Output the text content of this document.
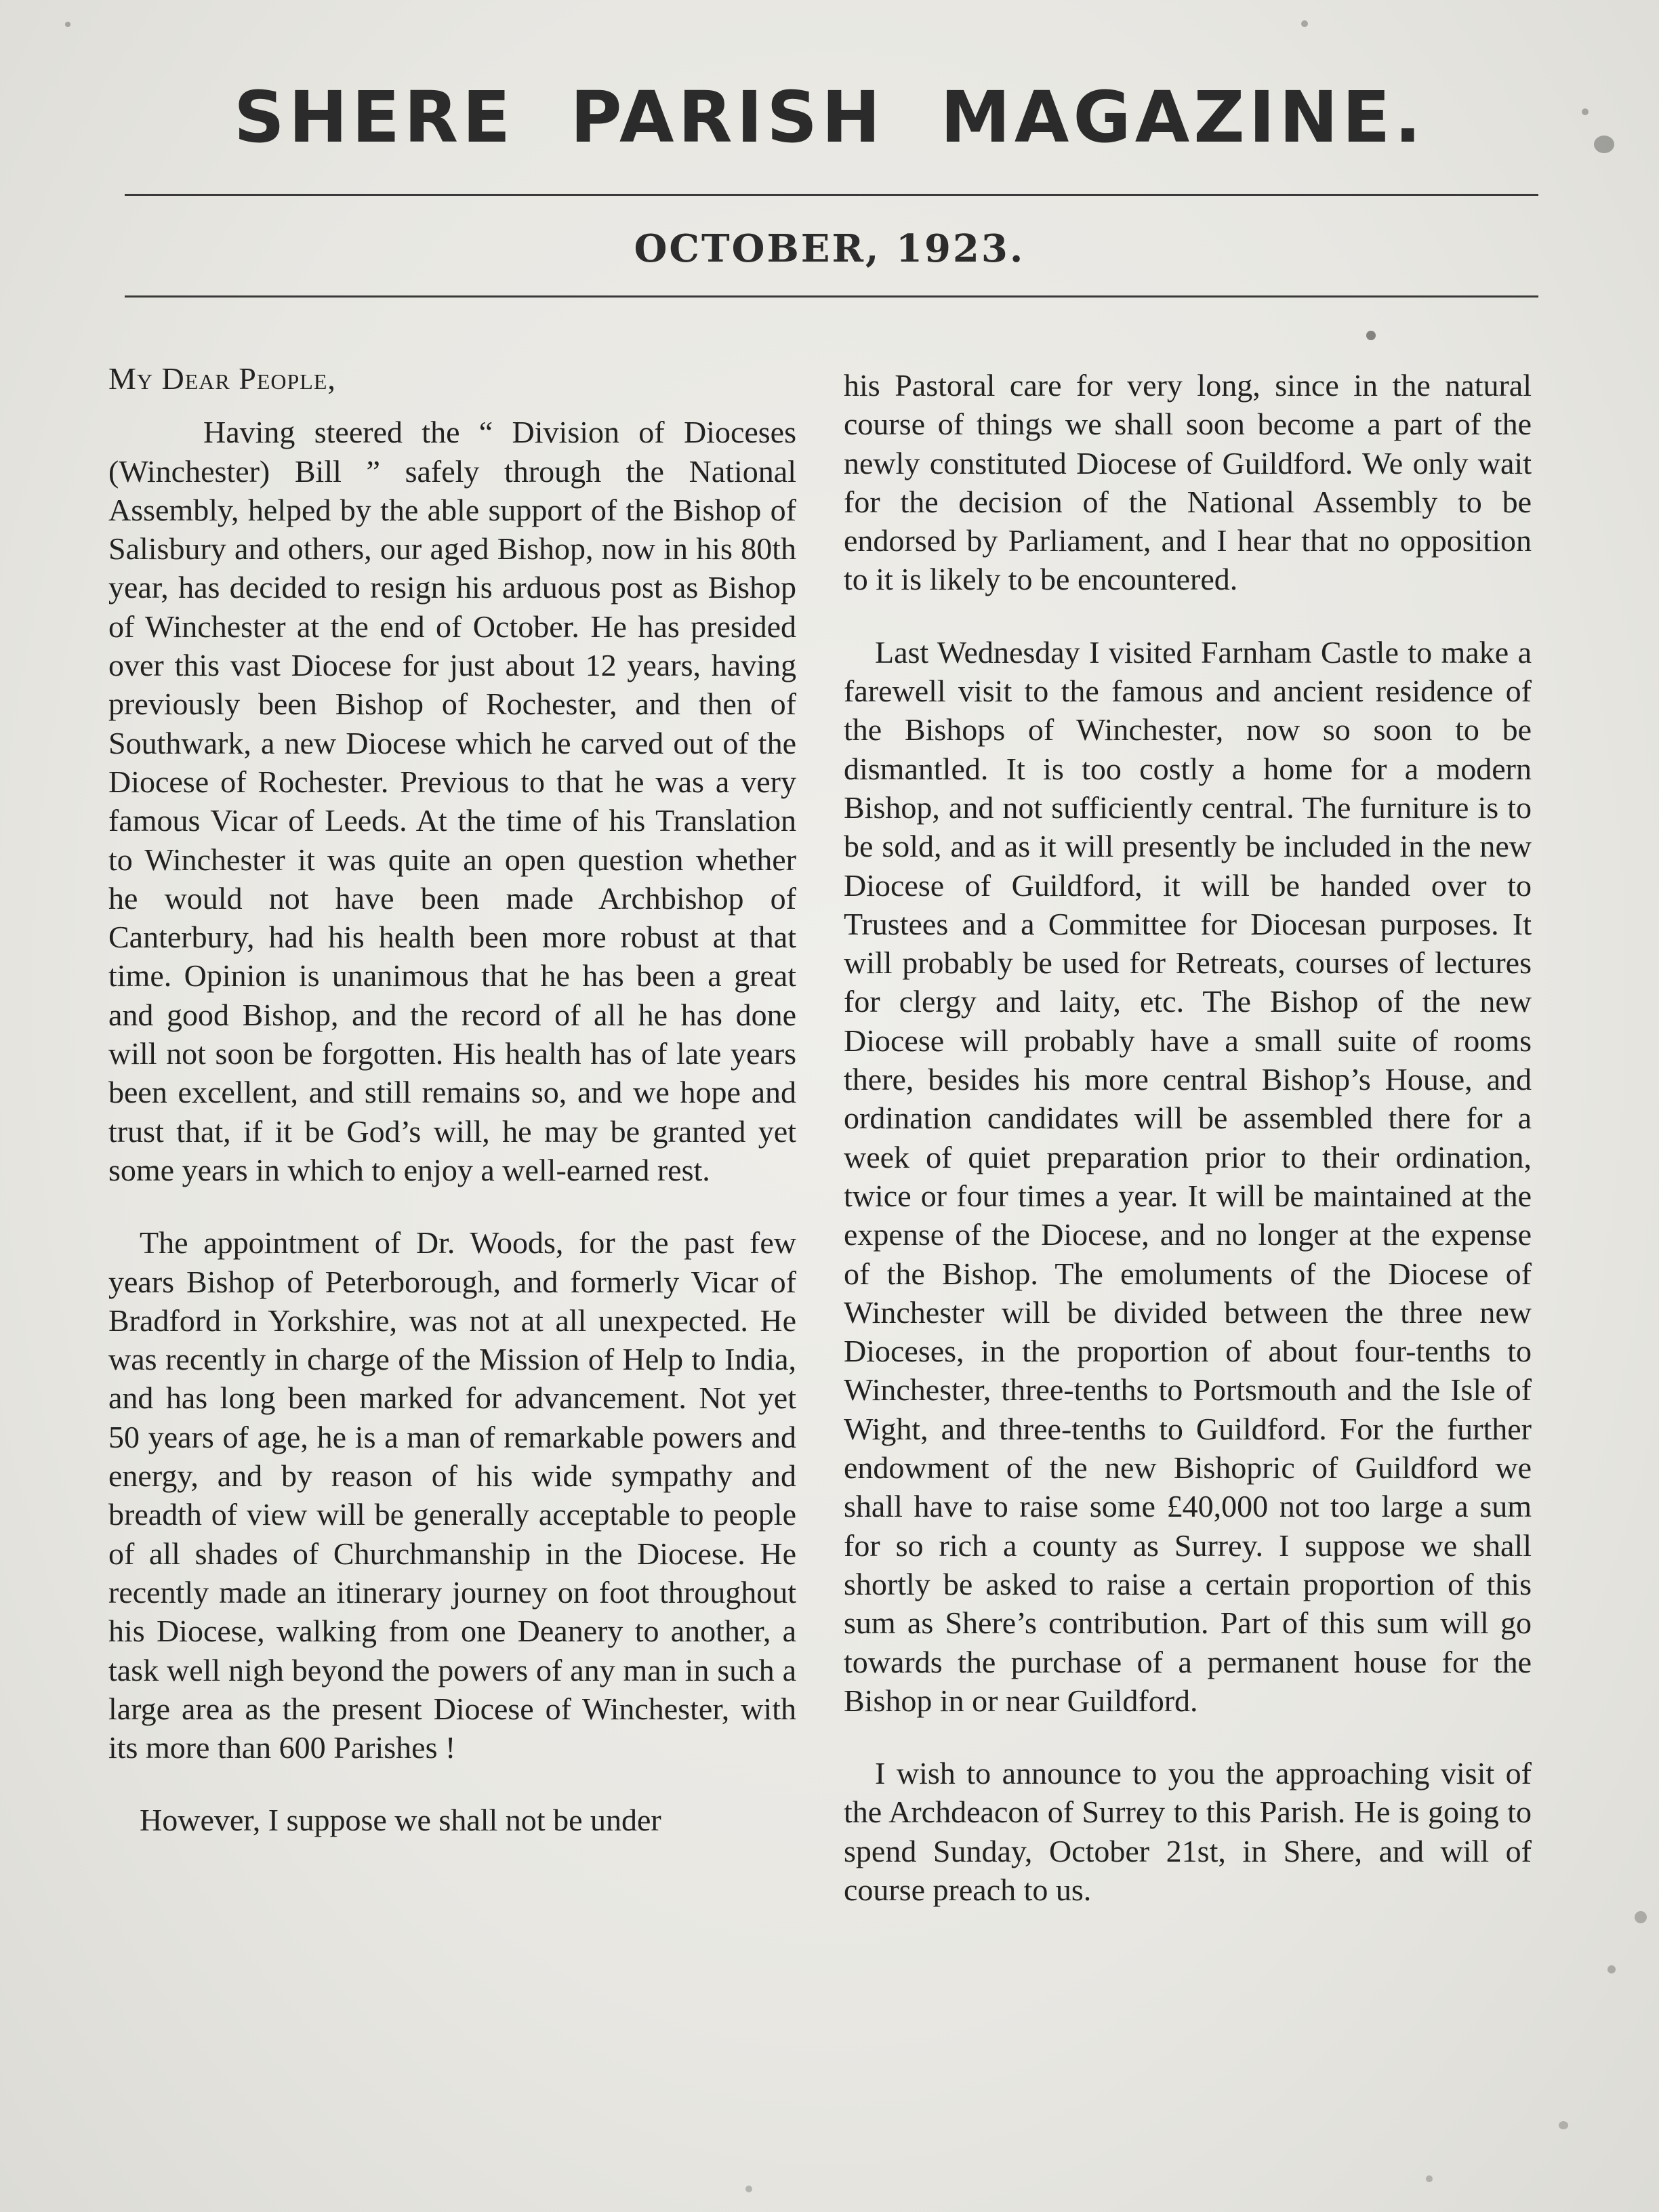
SHERE PARISH MAGAZINE.
OCTOBER, 1923.
My Dear People,

Having steered the “ Division of Dioceses (Winchester) Bill ” safely through the National Assembly, helped by the able support of the Bishop of Salisbury and others, our aged Bishop, now in his 80th year, has decided to resign his arduous post as Bishop of Winchester at the end of October. He has presided over this vast Diocese for just about 12 years, having previously been Bishop of Rochester, and then of Southwark, a new Diocese which he carved out of the Diocese of Rochester. Previous to that he was a very famous Vicar of Leeds. At the time of his Translation to Winchester it was quite an open question whether he would not have been made Archbishop of Canterbury, had his health been more robust at that time. Opinion is unanimous that he has been a great and good Bishop, and the record of all he has done will not soon be forgotten. His health has of late years been excellent, and still remains so, and we hope and trust that, if it be God’s will, he may be granted yet some years in which to enjoy a well-earned rest.

The appointment of Dr. Woods, for the past few years Bishop of Peterborough, and formerly Vicar of Bradford in Yorkshire, was not at all unexpected. He was recently in charge of the Mission of Help to India, and has long been marked for advancement. Not yet 50 years of age, he is a man of remarkable powers and energy, and by reason of his wide sympathy and breadth of view will be generally acceptable to people of all shades of Churchmanship in the Diocese. He recently made an itinerary journey on foot throughout his Diocese, walking from one Deanery to another, a task well nigh beyond the powers of any man in such a large area as the present Diocese of Winchester, with its more than 600 Parishes !

However, I suppose we shall not be under

his Pastoral care for very long, since in the natural course of things we shall soon become a part of the newly constituted Diocese of Guildford. We only wait for the decision of the National Assembly to be endorsed by Parliament, and I hear that no opposition to it is likely to be encountered.

Last Wednesday I visited Farnham Castle to make a farewell visit to the famous and ancient residence of the Bishops of Winchester, now so soon to be dismantled. It is too costly a home for a modern Bishop, and not sufficiently central. The furniture is to be sold, and as it will presently be included in the new Diocese of Guildford, it will be handed over to Trustees and a Committee for Diocesan purposes. It will probably be used for Retreats, courses of lectures for clergy and laity, etc. The Bishop of the new Diocese will probably have a small suite of rooms there, besides his more central Bishop’s House, and ordination candidates will be assembled there for a week of quiet preparation prior to their ordination, twice or four times a year. It will be maintained at the expense of the Diocese, and no longer at the expense of the Bishop. The emoluments of the Diocese of Winchester will be divided between the three new Dioceses, in the proportion of about four-tenths to Winchester, three-tenths to Portsmouth and the Isle of Wight, and three-tenths to Guildford. For the further endowment of the new Bishopric of Guildford we shall have to raise some £40,000 not too large a sum for so rich a county as Surrey. I suppose we shall shortly be asked to raise a certain proportion of this sum as Shere’s contribution. Part of this sum will go towards the purchase of a permanent house for the Bishop in or near Guildford.

I wish to announce to you the approaching visit of the Archdeacon of Surrey to this Parish. He is going to spend Sunday, October 21st, in Shere, and will of course preach to us.
